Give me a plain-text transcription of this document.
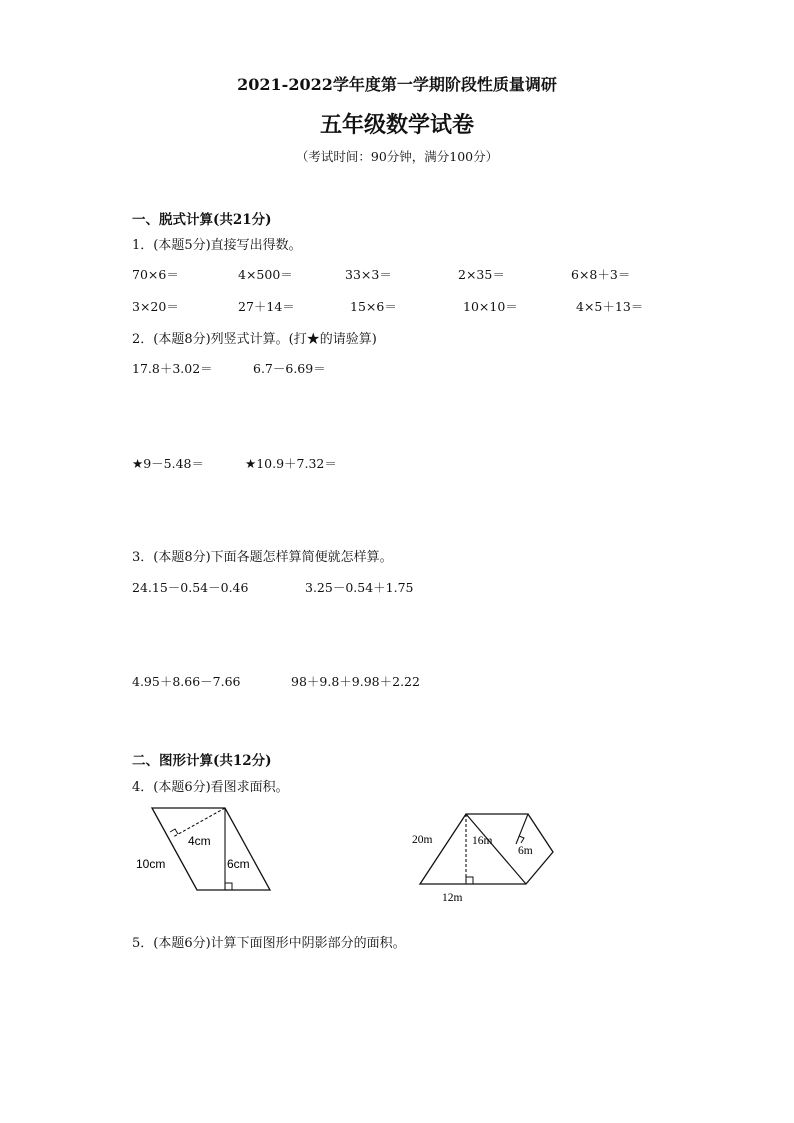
2021-2022学年度第一学期阶段性质量调研
五年级数学试卷
（考试时间：90分钟，满分100分）
一、脱式计算(共21分)
1．(本题5分)直接写出得数。
70×6＝	4×500＝	33×3＝	2×35＝	6×8＋3＝
3×20＝	27＋14＝	15×6＝	10×10＝	4×5＋13＝
2．(本题8分)列竖式计算。(打★的请验算)
17.8＋3.02＝	6.7－6.69＝
★9－5.48＝	★10.9＋7.32＝
3．(本题8分)下面各题怎样算简便就怎样算。
24.15－0.54－0.46	3.25－0.54＋1.75
4.95＋8.66－7.66	98＋9.8＋9.98＋2.22
二、图形计算(共12分)
4．(本题6分)看图求面积。
4cm
6cm
10cm
20m	16m
6m
12m
5．(本题6分)计算下面图形中阴影部分的面积。
